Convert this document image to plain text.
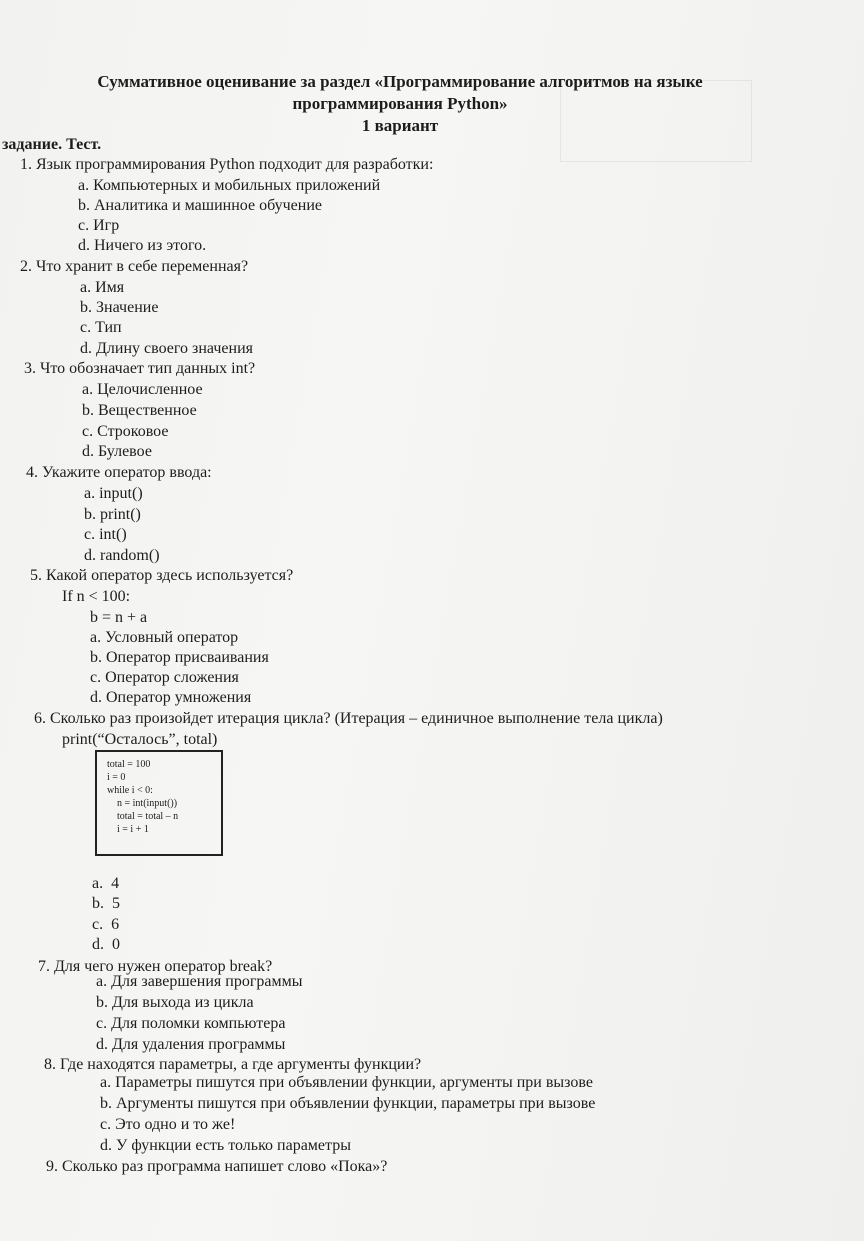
Суммативное оценивание за раздел «Программирование алгоритмов на языке
программирования Python»
1 вариант
задание. Тест.
1. Язык программирования Python подходит для разработки:
a. Компьютерных и мобильных приложений
b. Аналитика и машинное обучение
c. Игр
d. Ничего из этого.
2. Что хранит в себе переменная?
a. Имя
b. Значение
c. Тип
d. Длину своего значения
3. Что обозначает тип данных int?
a. Целочисленное
b. Вещественное
c. Строковое
d. Булевое
4. Укажите оператор ввода:
a. input()
b. print()
c. int()
d. random()
5. Какой оператор здесь используется?
If n < 100:
b = n + a
a. Условный оператор
b. Оператор присваивания
c. Оператор сложения
d. Оператор умножения
6. Сколько раз произойдет итерация цикла? (Итерация – единичное выполнение тела цикла)
print(“Осталось”, total)
total = 100
i = 0
while i < 0:
n = int(input())
total = total – n
i = i + 1
a. 4
b. 5
c. 6
d. 0
7. Для чего нужен оператор break?
a. Для завершения программы
b. Для выхода из цикла
c. Для поломки компьютера
d. Для удаления программы
8. Где находятся параметры, а где аргументы функции?
a. Параметры пишутся при объявлении функции, аргументы при вызове
b. Аргументы пишутся при объявлении функции, параметры при вызове
c. Это одно и то же!
d. У функции есть только параметры
9. Сколько раз программа напишет слово «Пока»?
